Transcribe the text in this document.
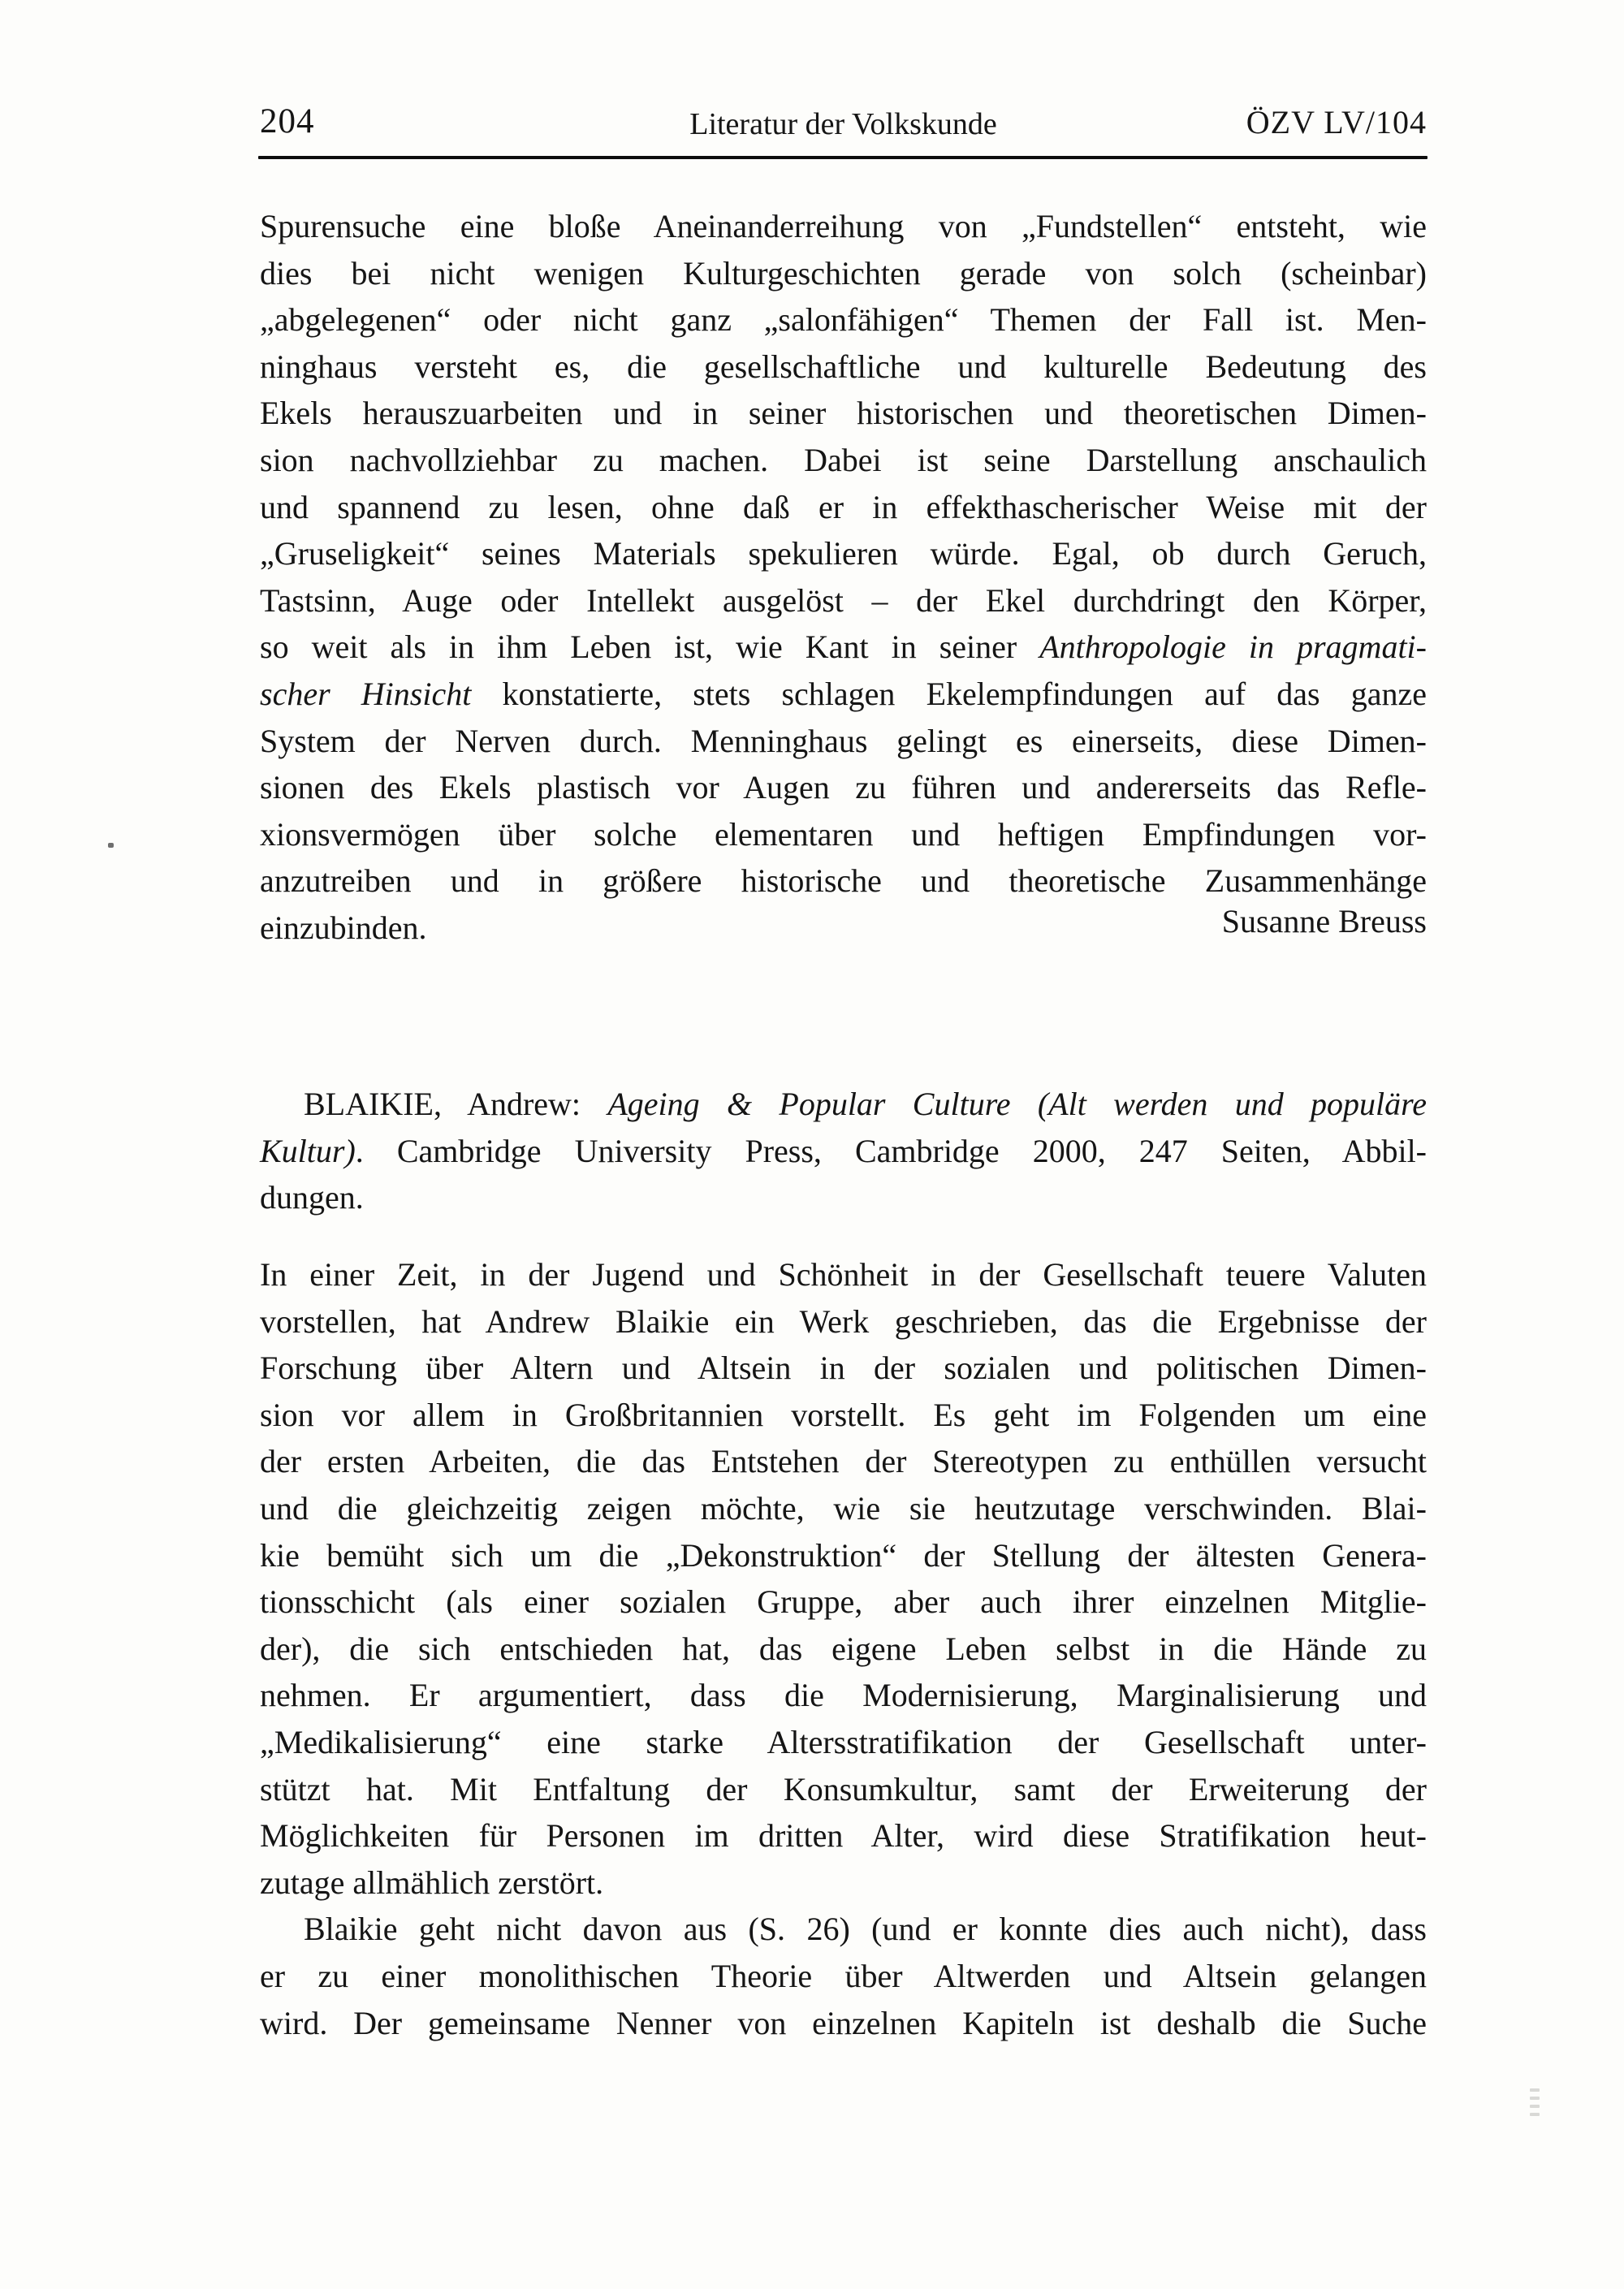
204	Literatur der Volkskunde	ÖZV LV/104
Spurensuche eine bloße Aneinanderreihung von „Fundstellen“ entsteht, wie
dies bei nicht wenigen Kulturgeschichten gerade von solch (scheinbar)
„abgelegenen“ oder nicht ganz „salonfähigen“ Themen der Fall ist. Men-
ninghaus versteht es, die gesellschaftliche und kulturelle Bedeutung des
Ekels herauszuarbeiten und in seiner historischen und theoretischen Dimen-
sion nachvollziehbar zu machen. Dabei ist seine Darstellung anschaulich
und spannend zu lesen, ohne daß er in effekthascherischer Weise mit der
„Gruseligkeit“ seines Materials spekulieren würde. Egal, ob durch Geruch,
Tastsinn, Auge oder Intellekt ausgelöst – der Ekel durchdringt den Körper,
so weit als in ihm Leben ist, wie Kant in seiner Anthropologie in pragmati-
scher Hinsicht konstatierte, stets schlagen Ekelempfindungen auf das ganze
System der Nerven durch. Menninghaus gelingt es einerseits, diese Dimen-
sionen des Ekels plastisch vor Augen zu führen und andererseits das Refle-
xionsvermögen über solche elementaren und heftigen Empfindungen vor-
anzutreiben und in größere historische und theoretische Zusammenhänge
einzubinden.	Susanne Breuss
BLAIKIE, Andrew: Ageing & Popular Culture (Alt werden und populäre
Kultur). Cambridge University Press, Cambridge 2000, 247 Seiten, Abbil-
dungen.
In einer Zeit, in der Jugend und Schönheit in der Gesellschaft teuere Valuten
vorstellen, hat Andrew Blaikie ein Werk geschrieben, das die Ergebnisse der
Forschung über Altern und Altsein in der sozialen und politischen Dimen-
sion vor allem in Großbritannien vorstellt. Es geht im Folgenden um eine
der ersten Arbeiten, die das Entstehen der Stereotypen zu enthüllen versucht
und die gleichzeitig zeigen möchte, wie sie heutzutage verschwinden. Blai-
kie bemüht sich um die „Dekonstruktion“ der Stellung der ältesten Genera-
tionsschicht (als einer sozialen Gruppe, aber auch ihrer einzelnen Mitglie-
der), die sich entschieden hat, das eigene Leben selbst in die Hände zu
nehmen. Er argumentiert, dass die Modernisierung, Marginalisierung und
„Medikalisierung“ eine starke Altersstratifikation der Gesellschaft unter-
stützt hat. Mit Entfaltung der Konsumkultur, samt der Erweiterung der
Möglichkeiten für Personen im dritten Alter, wird diese Stratifikation heut-
zutage allmählich zerstört.
Blaikie geht nicht davon aus (S. 26) (und er konnte dies auch nicht), dass
er zu einer monolithischen Theorie über Altwerden und Altsein gelangen
wird. Der gemeinsame Nenner von einzelnen Kapiteln ist deshalb die Suche
